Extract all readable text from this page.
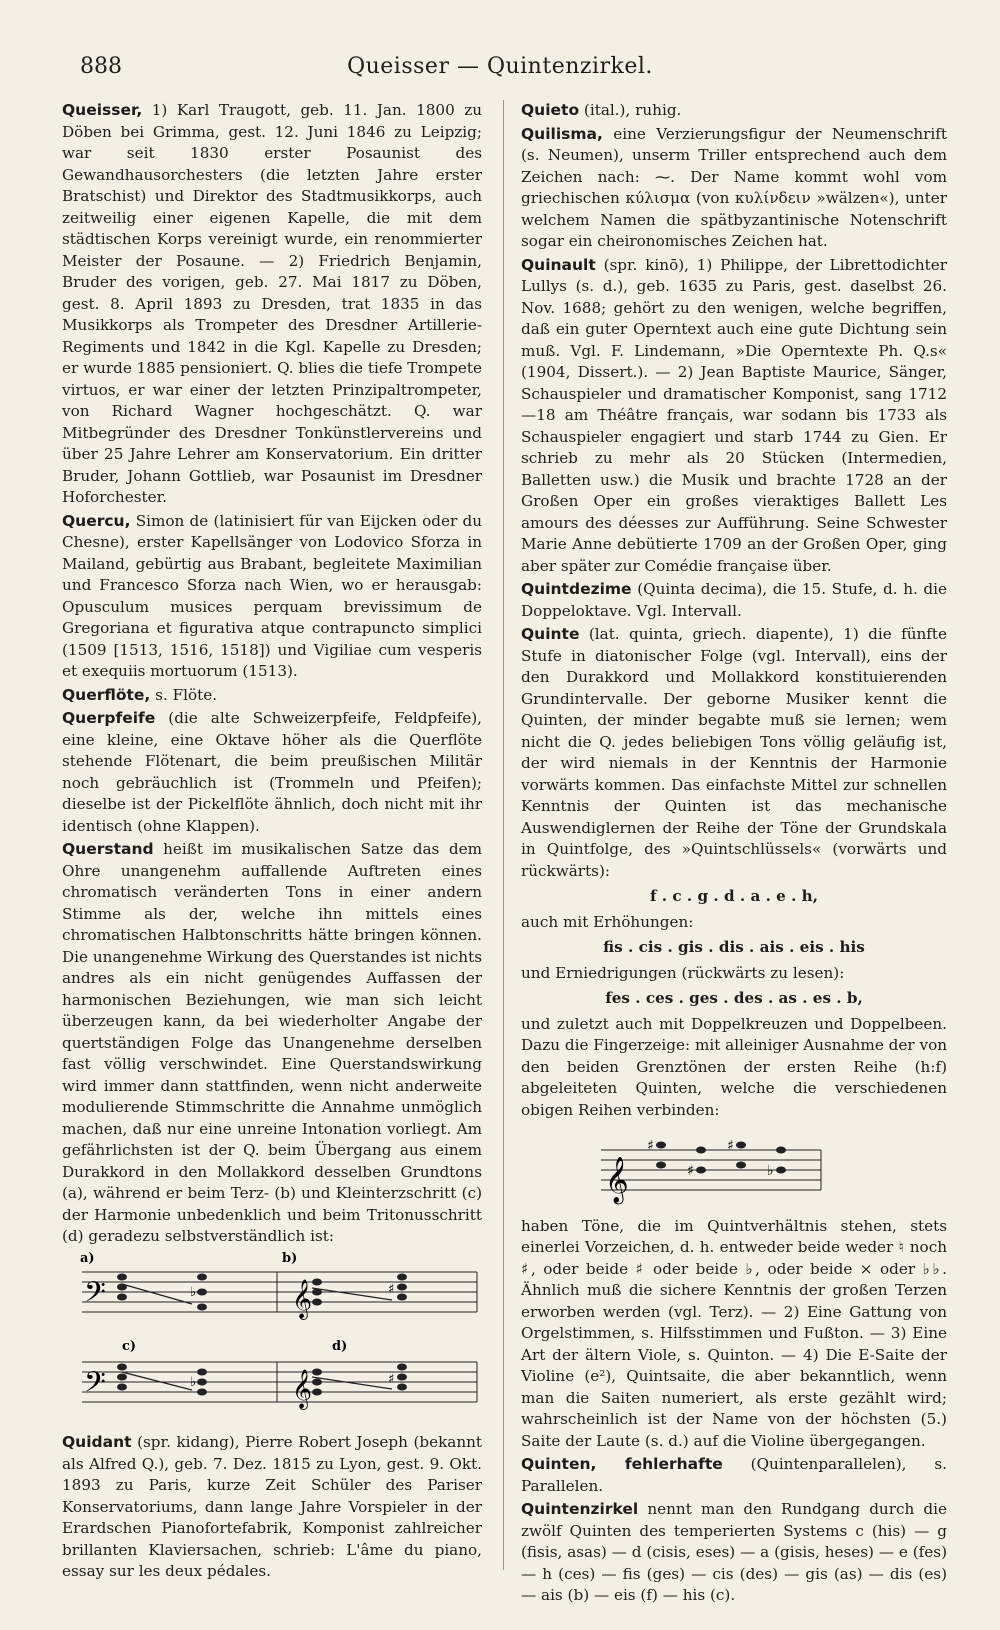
888	Queisser — Quintenzirkel.

Queisser, 1) Karl Traugott, geb. 11. Jan. 1800 zu Döben bei Grimma, gest. 12. Juni 1846 zu Leipzig; war seit 1830 erster Posaunist des Gewandhausorchesters (die letzten Jahre erster Bratschist) und Direktor des Stadtmusikkorps, auch zeitweilig einer eigenen Kapelle, die mit dem städtischen Korps vereinigt wurde, ein renommierter Meister der Posaune. — 2) Friedrich Benjamin, Bruder des vorigen, geb. 27. Mai 1817 zu Döben, gest. 8. April 1893 zu Dresden, trat 1835 in das Musikkorps als Trompeter des Dresdner Artillerie-Regiments und 1842 in die Kgl. Kapelle zu Dresden; er wurde 1885 pensioniert. Q. blies die tiefe Trompete virtuos, er war einer der letzten Prinzipaltrompeter, von Richard Wagner hochgeschätzt. Q. war Mitbegründer des Dresdner Tonkünstlervereins und über 25 Jahre Lehrer am Konservatorium. Ein dritter Bruder, Johann Gottlieb, war Posaunist im Dresdner Hoforchester.

Quercu, Simon de (latinisiert für van Eijcken oder du Chesne), erster Kapellsänger von Lodovico Sforza in Mailand, gebürtig aus Brabant, begleitete Maximilian und Francesco Sforza nach Wien, wo er herausgab: Opusculum musices perquam brevissimum de Gregoriana et figurativa atque contrapuncto simplici (1509 [1513, 1516, 1518]) und Vigiliae cum vesperis et exequiis mortuorum (1513).

Querflöte, s. Flöte.

Querpfeife (die alte Schweizerpfeife, Feldpfeife), eine kleine, eine Oktave höher als die Querflöte stehende Flötenart, die beim preußischen Militär noch gebräuchlich ist (Trommeln und Pfeifen); dieselbe ist der Pickelflöte ähnlich, doch nicht mit ihr identisch (ohne Klappen).

Querstand heißt im musikalischen Satze das dem Ohre unangenehm auffallende Auftreten eines chromatisch veränderten Tons in einer andern Stimme als der, welche ihn mittels eines chromatischen Halbtonschritts hätte bringen können. Die unangenehme Wirkung des Querstandes ist nichts andres als ein nicht genügendes Auffassen der harmonischen Beziehungen, wie man sich leicht überzeugen kann, da bei wiederholter Angabe der quertständigen Folge das Unangenehme derselben fast völlig verschwindet. Eine Querstandswirkung wird immer dann stattfinden, wenn nicht anderweite modulierende Stimmschritte die Annahme unmöglich machen, daß nur eine unreine Intonation vorliegt. Am gefährlichsten ist der Q. beim Übergang aus einem Durakkord in den Mollakkord desselben Grundtons (a), während er beim Terz- (b) und Kleinterzschritt (c) der Harmonie unbedenklich und beim Tritonusschritt (d) geradezu selbstverständlich ist:

a)	b)
c)	d)
𝄢	𝄞
𝄢	𝄞
♭	♯
♯
♭

Quidant (spr. kidang), Pierre Robert Joseph (bekannt als Alfred Q.), geb. 7. Dez. 1815 zu Lyon, gest. 9. Okt. 1893 zu Paris, kurze Zeit Schüler des Pariser Konservatoriums, dann lange Jahre Vorspieler in der Erardschen Pianofortefabrik, Komponist zahlreicher brillanten Klaviersachen, schrieb: L'âme du piano, essay sur les deux pédales.

Quieto (ital.), ruhig.

Quilisma, eine Verzierungsfigur der Neumenschrift (s. Neumen), unserm Triller entsprechend auch dem Zeichen nach: ⁓. Der Name kommt wohl vom griechischen κύλισμα (von κυλίνδειν »wälzen«), unter welchem Namen die spätbyzantinische Notenschrift sogar ein cheironomisches Zeichen hat.

Quinault (spr. kinō), 1) Philippe, der Librettodichter Lullys (s. d.), geb. 1635 zu Paris, gest. daselbst 26. Nov. 1688; gehört zu den wenigen, welche begriffen, daß ein guter Operntext auch eine gute Dichtung sein muß. Vgl. F. Lindemann, »Die Operntexte Ph. Q.s« (1904, Dissert.). — 2) Jean Baptiste Maurice, Sänger, Schauspieler und dramatischer Komponist, sang 1712—18 am Théâtre français, war sodann bis 1733 als Schauspieler engagiert und starb 1744 zu Gien. Er schrieb zu mehr als 20 Stücken (Intermedien, Balletten usw.) die Musik und brachte 1728 an der Großen Oper ein großes vieraktiges Ballett Les amours des déesses zur Aufführung. Seine Schwester Marie Anne debütierte 1709 an der Großen Oper, ging aber später zur Comédie française über.

Quintdezime (Quinta decima), die 15. Stufe, d. h. die Doppeloktave. Vgl. Intervall.

Quinte (lat. quinta, griech. diapente), 1) die fünfte Stufe in diatonischer Folge (vgl. Intervall), eins der den Durakkord und Mollakkord konstituierenden Grundintervalle. Der geborne Musiker kennt die Quinten, der minder begabte muß sie lernen; wem nicht die Q. jedes beliebigen Tons völlig geläufig ist, der wird niemals in der Kenntnis der Harmonie vorwärts kommen. Das einfachste Mittel zur schnellen Kenntnis der Quinten ist das mechanische Auswendiglernen der Reihe der Töne der Grundskala in Quintfolge, des »Quintschlüssels« (vorwärts und rückwärts):

f . c . g . d . a . e . h,

auch mit Erhöhungen:

fis . cis . gis . dis . ais . eis . his

und Erniedrigungen (rückwärts zu lesen):

fes . ces . ges . des . as . es . b,

und zuletzt auch mit Doppelkreuzen und Doppelbeen. Dazu die Fingerzeige: mit alleiniger Ausnahme der von den beiden Grenztönen der ersten Reihe (h:f) abgeleiteten Quinten, welche die verschiedenen obigen Reihen verbinden:

𝄞
♯
♯
♯
♭

haben Töne, die im Quintverhältnis stehen, stets einerlei Vorzeichen, d. h. entweder beide weder ♮ noch ♯, oder beide ♯ oder beide ♭, oder beide × oder ♭♭. Ähnlich muß die sichere Kenntnis der großen Terzen erworben werden (vgl. Terz). — 2) Eine Gattung von Orgelstimmen, s. Hilfsstimmen und Fußton. — 3) Eine Art der ältern Viole, s. Quinton. — 4) Die E-Saite der Violine (e²), Quintsaite, die aber bekanntlich, wenn man die Saiten numeriert, als erste gezählt wird; wahrscheinlich ist der Name von der höchsten (5.) Saite der Laute (s. d.) auf die Violine übergegangen.

Quinten, fehlerhafte (Quintenparallelen), s. Parallelen.

Quintenzirkel nennt man den Rundgang durch die zwölf Quinten des temperierten Systems c (his) — g (fisis, asas) — d (cisis, eses) — a (gisis, heses) — e (fes) — h (ces) — fis (ges) — cis (des) — gis (as) — dis (es) — ais (b) — eis (f) — his (c).
